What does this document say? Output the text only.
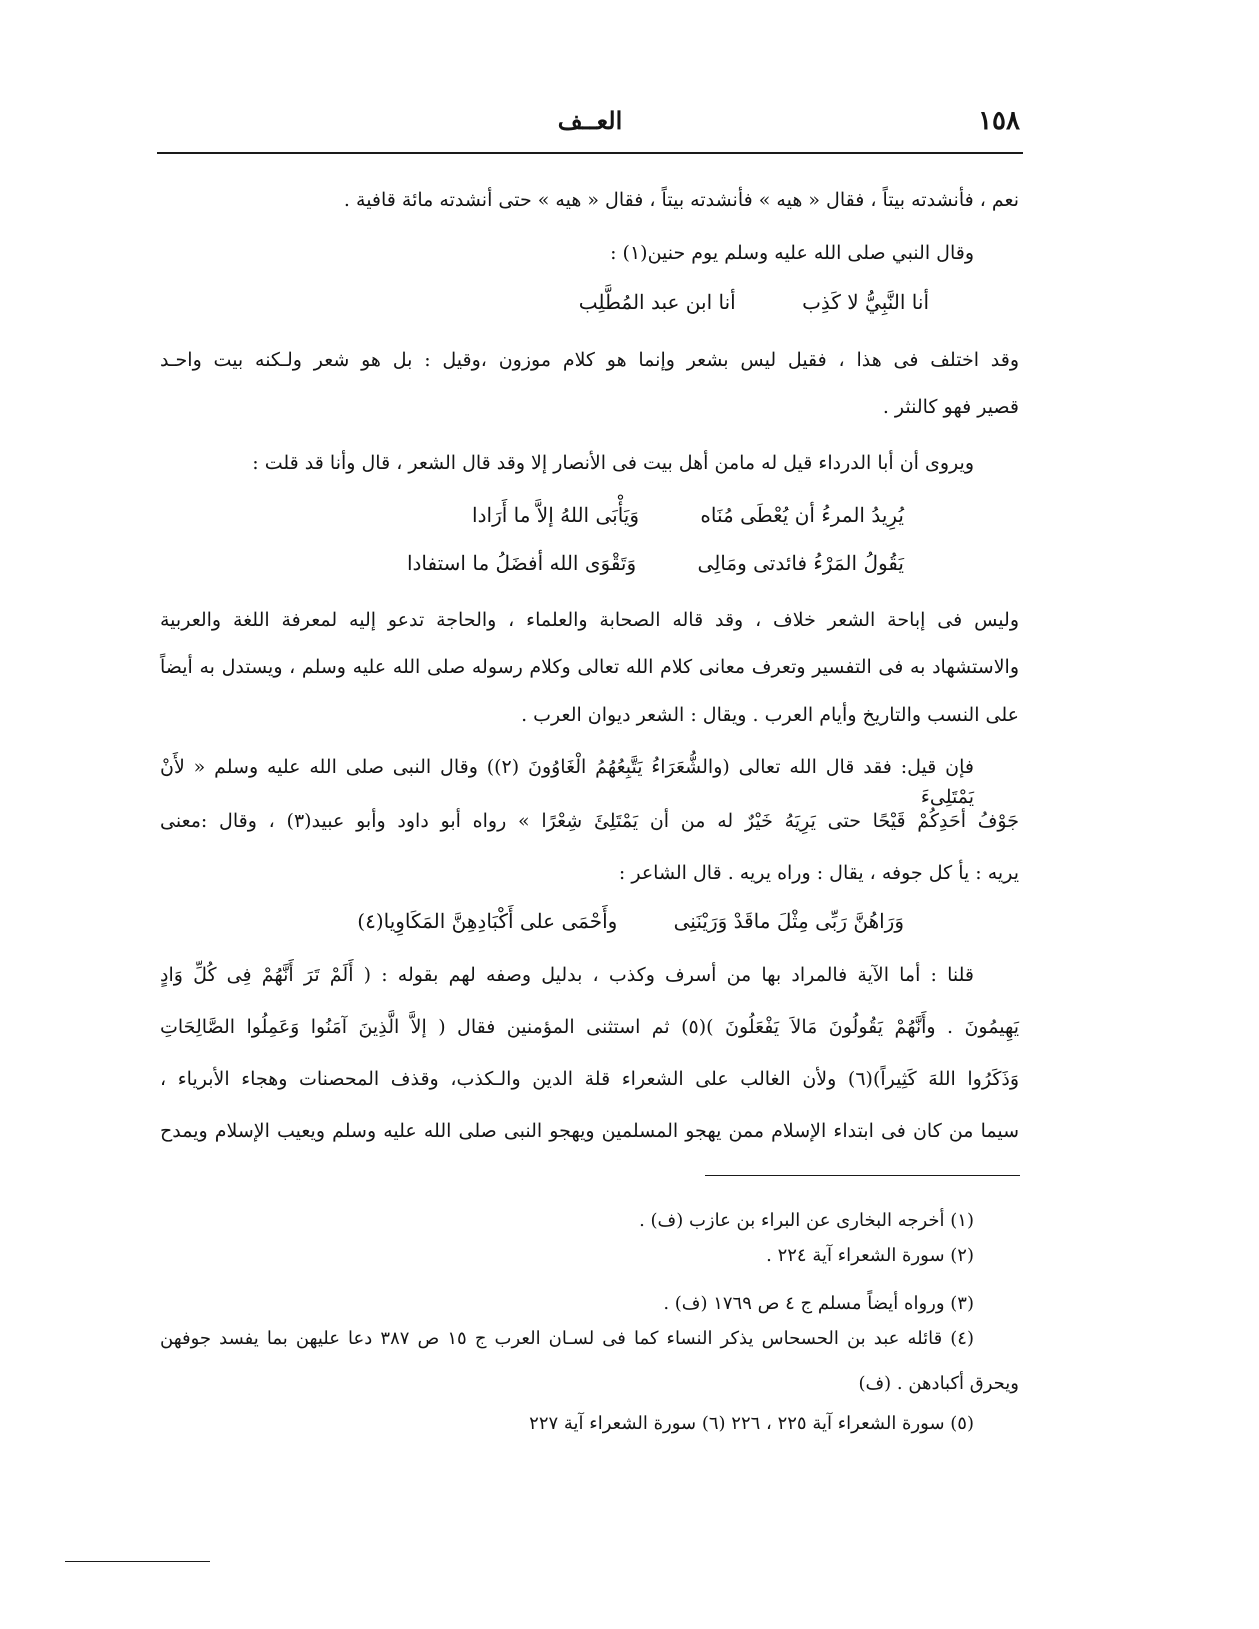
١٥٨
العــف
نعم ، فأنشدته بيتاً ، فقال « هيه » فأنشدته بيتاً ، فقال « هيه » حتى أنشدته مائة قافية .
وقال النبي صلى الله عليه وسلم يوم حنين(١) :
أنا النَّبِيُّ لا كَذِب أنا ابن عبد المُطَّلِب
وقد اختلف فى هذا ، فقيل ليس بشعر وإنما هو كلام موزون ،وقيل : بل هو شعر ولـكنه بيت واحـد
قصير فهو كالنثر .
ويروى أن أبا الدرداء قيل له مامن أهل بيت فى الأنصار إلا وقد قال الشعر ، قال وأنا قد قلت :
يُرِيدُ المرءُ أن يُعْطَى مُنَاه وَيَأْبَى اللهُ إلاَّ ما أَرَادا
يَقُولُ المَرْءُ فائدتى ومَالِى وَتَقْوَى الله أفضَلُ ما استفادا
وليس فى إباحة الشعر خلاف ، وقد قاله الصحابة والعلماء ، والحاجة تدعو إليه لمعرفة اللغة والعربية
والاستشهاد به فى التفسير وتعرف معانى كلام الله تعالى وكلام رسوله صلى الله عليه وسلم ، ويستدل به أيضاً
على النسب والتاريخ وأيام العرب . ويقال : الشعر ديوان العرب .
فإن قيل: فقد قال الله تعالى (والشُّعَرَاءُ يَتَّبِعُهُمُ الْغَاوُونَ (٢)) وقال النبى صلى الله عليه وسلم « لأَنْ يَمْتَلِىءَ
جَوْفُ أحَدِكُمْ قَيْحًا حتى يَرِيَهُ خَيْرٌ له من أن يَمْتَلِئَ شِعْرًا » رواه أبو داود وأبو عبيد(٣) ، وقال :معنى
يريه : يأ كل جوفه ، يقال : وراه يريه . قال الشاعر :
وَرَاهُنَّ رَبِّى مِثْلَ ماقَدْ وَرَيْنَنِى وأَحْمَى على أَكْبَادِهِنَّ المَكَاوِيا(٤)
قلنا : أما الآية فالمراد بها من أسرف وكذب ، بدليل وصفه لهم بقوله : ( أَلَمْ تَرَ أَنَّهُمْ فِى كُلِّ وَادٍ
يَهِيمُونَ . وأَنَّهُمْ يَقُولُونَ مَالاَ يَفْعَلُونَ )(٥) ثم استثنى المؤمنين فقال ( إلاَّ الَّذِينَ آمَنُوا وَعَمِلُوا الصَّالِحَاتِ
وَذَكَرُوا اللهَ كَثِيراً)(٦) ولأن الغالب على الشعراء قلة الدين والـكذب، وقذف المحصنات وهجاء الأبرياء ،
سيما من كان فى ابتداء الإسلام ممن يهجو المسلمين ويهجو النبى صلى الله عليه وسلم ويعيب الإسلام ويمدح
(١) أخرجه البخارى عن البراء بن عازب (ف) .
(٢) سورة الشعراء آية ٢٢٤ .
(٣) ورواه أيضاً مسلم ج ٤ ص ١٧٦٩ (ف) .
(٤) قائله عبد بن الحسحاس يذكر النساء كما فى لسـان العرب ج ١٥ ص ٣٨٧ دعا عليهن بما يفسد جوفهن
ويحرق أكبادهن . (ف)
(٥) سورة الشعراء آية ٢٢٥ ، ٢٢٦ (٦) سورة الشعراء آية ٢٢٧
